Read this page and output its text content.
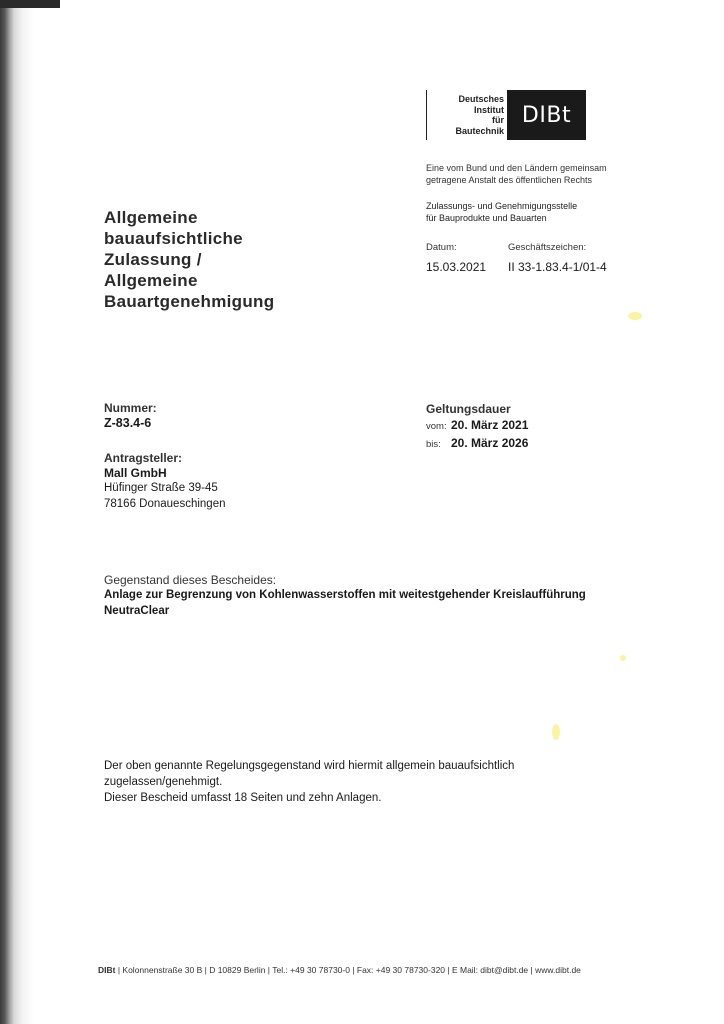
Deutsches
Institut
für
Bautechnik
DIBt
Eine vom Bund und den Ländern gemeinsam
getragene Anstalt des öffentlichen Rechts
Zulassungs- und Genehmigungsstelle
für Bauprodukte und Bauarten
Datum:
15.03.2021
Geschäftszeichen:
II 33-1.83.4-1/01-4
Allgemeine
bauaufsichtliche
Zulassung /
Allgemeine
Bauartgenehmigung
Nummer:
Z-83.4-6
Geltungsdauer
vom: 20. März 2021
bis: 20. März 2026
Antragsteller:
Mall GmbH
Hüfinger Straße 39-45
78166 Donaueschingen
Gegenstand dieses Bescheides:
Anlage zur Begrenzung von Kohlenwasserstoffen mit weitestgehender Kreislaufführung
NeutraClear
Der oben genannte Regelungsgegenstand wird hiermit allgemein bauaufsichtlich
zugelassen/genehmigt.
Dieser Bescheid umfasst 18 Seiten und zehn Anlagen.
DIBt | Kolonnenstraße 30 B | D 10829 Berlin | Tel.: +49 30 78730-0 | Fax: +49 30 78730-320 | E Mail: dibt@dibt.de | www.dibt.de
